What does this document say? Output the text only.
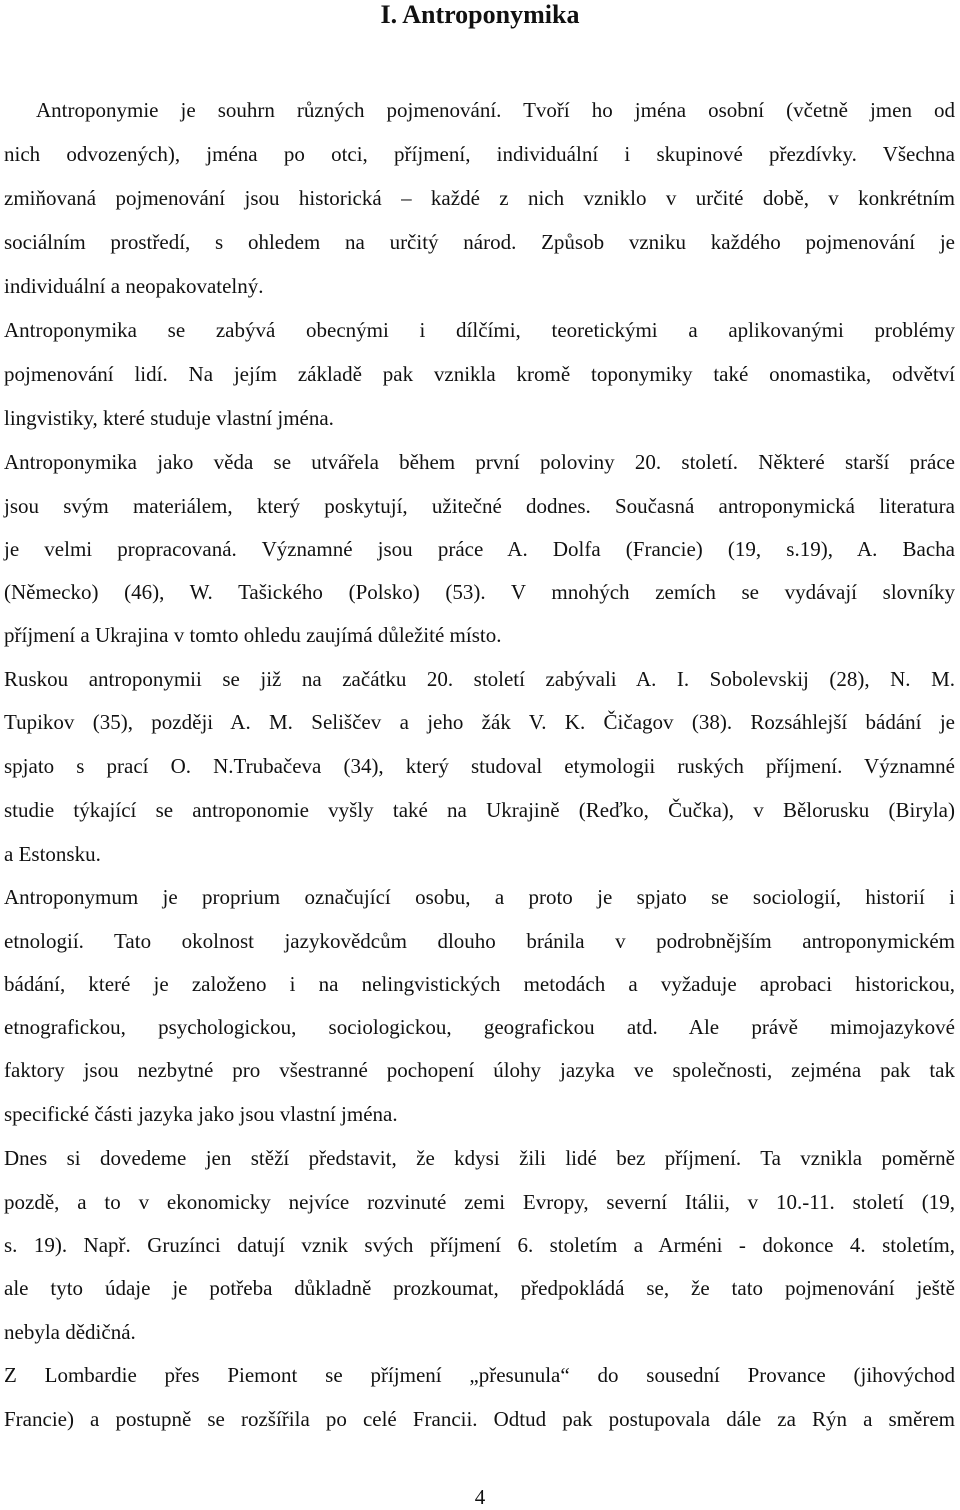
I. Antroponymika
Antroponymie je souhrn různých pojmenování. Tvoří ho jména osobní (včetně jmen od
nich odvozených), jména po otci, příjmení, individuální i skupinové přezdívky. Všechna
zmiňovaná pojmenování jsou historická – každé z nich vzniklo v určité době, v konkrétním
sociálním prostředí, s ohledem na určitý národ. Způsob vzniku každého pojmenování je
individuální a neopakovatelný.
Antroponymika se zabývá obecnými i dílčími, teoretickými a aplikovanými problémy
pojmenování lidí. Na jejím základě pak vznikla kromě toponymiky také onomastika, odvětví
lingvistiky, které studuje vlastní jména.
Antroponymika jako věda se utvářela během první poloviny 20. století. Některé starší práce
jsou svým materiálem, který poskytují, užitečné dodnes. Současná antroponymická literatura
je velmi propracovaná. Významné jsou práce A. Dolfa (Francie) (19, s.19), A. Bacha
(Německo) (46), W. Tašického (Polsko) (53). V mnohých zemích se vydávají slovníky
příjmení a Ukrajina v tomto ohledu zaujímá důležité místo.
Ruskou antroponymii se již na začátku 20. století zabývali A. I. Sobolevskij (28), N. M.
Tupikov (35), později A. M. Seliščev a jeho žák V. K. Čičagov (38). Rozsáhlejší bádání je
spjato s prací O. N.Trubačeva (34), který studoval etymologii ruských příjmení. Významné
studie týkající se antroponomie vyšly také na Ukrajině (Reďko, Čučka), v Bělorusku (Biryla)
a Estonsku.
Antroponymum je proprium označující osobu, a proto je spjato se sociologií, historií i
etnologií. Tato okolnost jazykovědcům dlouho bránila v podrobnějším antroponymickém
bádání, které je založeno i na nelingvistických metodách a vyžaduje aprobaci historickou,
etnografickou, psychologickou, sociologickou, geografickou atd. Ale právě mimojazykové
faktory jsou nezbytné pro všestranné pochopení úlohy jazyka ve společnosti, zejména pak tak
specifické části jazyka jako jsou vlastní jména.
Dnes si dovedeme jen stěží představit, že kdysi žili lidé bez příjmení. Ta vznikla poměrně
pozdě, a to v ekonomicky nejvíce rozvinuté zemi Evropy, severní Itálii, v 10.-11. století (19,
s. 19). Např. Gruzínci datují vznik svých příjmení 6. stoletím a Arméni - dokonce 4. stoletím,
ale tyto údaje je potřeba důkladně prozkoumat, předpokládá se, že tato pojmenování ještě
nebyla dědičná.
Z Lombardie přes Piemont se příjmení „přesunula“ do sousední Provance (jihovýchod
Francie) a postupně se rozšířila po celé Francii. Odtud pak postupovala dále za Rýn a směrem
4
